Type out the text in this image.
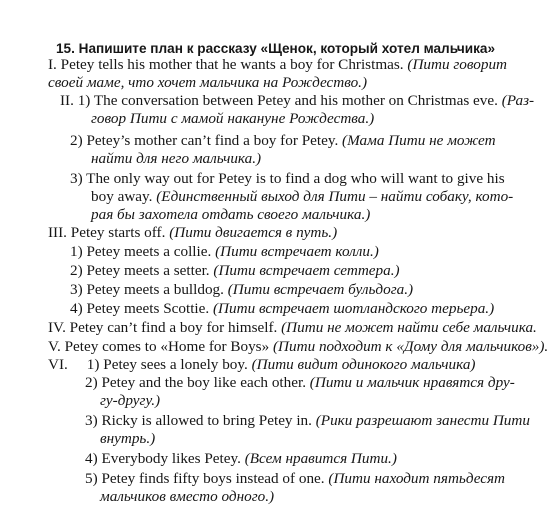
15. Напишите план к рассказу «Щенок, который хотел мальчика»
I. Petey tells his mother that he wants a boy for Christmas. (Пити говорит
своей маме, что хочет мальчика на Рождество.)
II. 1) The conversation between Petey and his mother on Christmas eve. (Раз-
говор Пити с мамой накануне Рождества.)
2) Petey’s mother can’t find a boy for Petey. (Мама Пити не может
найти для него мальчика.)
3) The only way out for Petey is to find a dog who will want to give his
boy away. (Единственный выход для Пити – найти собаку, кото-
рая бы захотела отдать своего мальчика.)
III. Petey starts off. (Пити двигается в путь.)
1) Petey meets a collie. (Пити встречает колли.)
2) Petey meets a setter. (Пити встречает сеттера.)
3) Petey meets a bulldog. (Пити встречает бульдога.)
4) Petey meets Scottie. (Пити встречает шотландского терьера.)
IV. Petey can’t find a boy for himself. (Пити не может найти себе мальчика.
V. Petey comes to «Home for Boys» (Пити подходит к «Дому для мальчиков»).
VI.     1) Petey sees a lonely boy. (Пити видит одинокого мальчика)
2) Petey and the boy like each other. (Пити и мальчик нравятся дру-
гу-другу.)
3) Ricky is allowed to bring Petey in. (Рики разрешают занести Пити
внутрь.)
4) Everybody likes Petey. (Всем нравится Пити.)
5) Petey finds fifty boys instead of one. (Пити находит пятьдесят
мальчиков вместо одного.)
